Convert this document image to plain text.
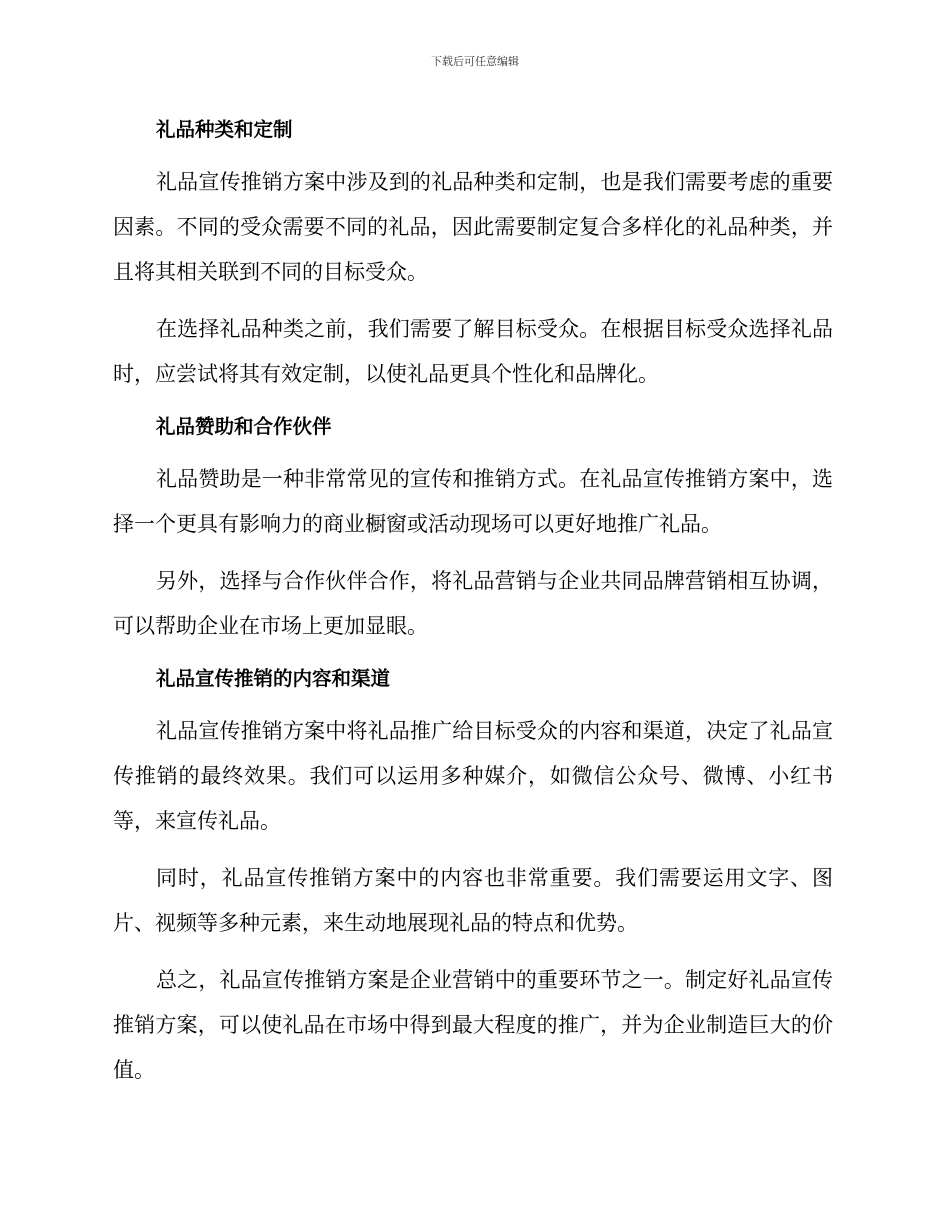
下载后可任意编辑
礼品种类和定制

礼品宣传推销方案中涉及到的礼品种类和定制，也是我们需要考虑的重要因素。不同的受众需要不同的礼品，因此需要制定复合多样化的礼品种类，并且将其相关联到不同的目标受众。

在选择礼品种类之前，我们需要了解目标受众。在根据目标受众选择礼品时，应尝试将其有效定制，以使礼品更具个性化和品牌化。

礼品赞助和合作伙伴

礼品赞助是一种非常常见的宣传和推销方式。在礼品宣传推销方案中，选择一个更具有影响力的商业橱窗或活动现场可以更好地推广礼品。

另外，选择与合作伙伴合作，将礼品营销与企业共同品牌营销相互协调，可以帮助企业在市场上更加显眼。

礼品宣传推销的内容和渠道

礼品宣传推销方案中将礼品推广给目标受众的内容和渠道，决定了礼品宣传推销的最终效果。我们可以运用多种媒介，如微信公众号、微博、小红书等，来宣传礼品。

同时，礼品宣传推销方案中的内容也非常重要。我们需要运用文字、图片、视频等多种元素，来生动地展现礼品的特点和优势。

总之，礼品宣传推销方案是企业营销中的重要环节之一。制定好礼品宣传推销方案，可以使礼品在市场中得到最大程度的推广，并为企业制造巨大的价值。
